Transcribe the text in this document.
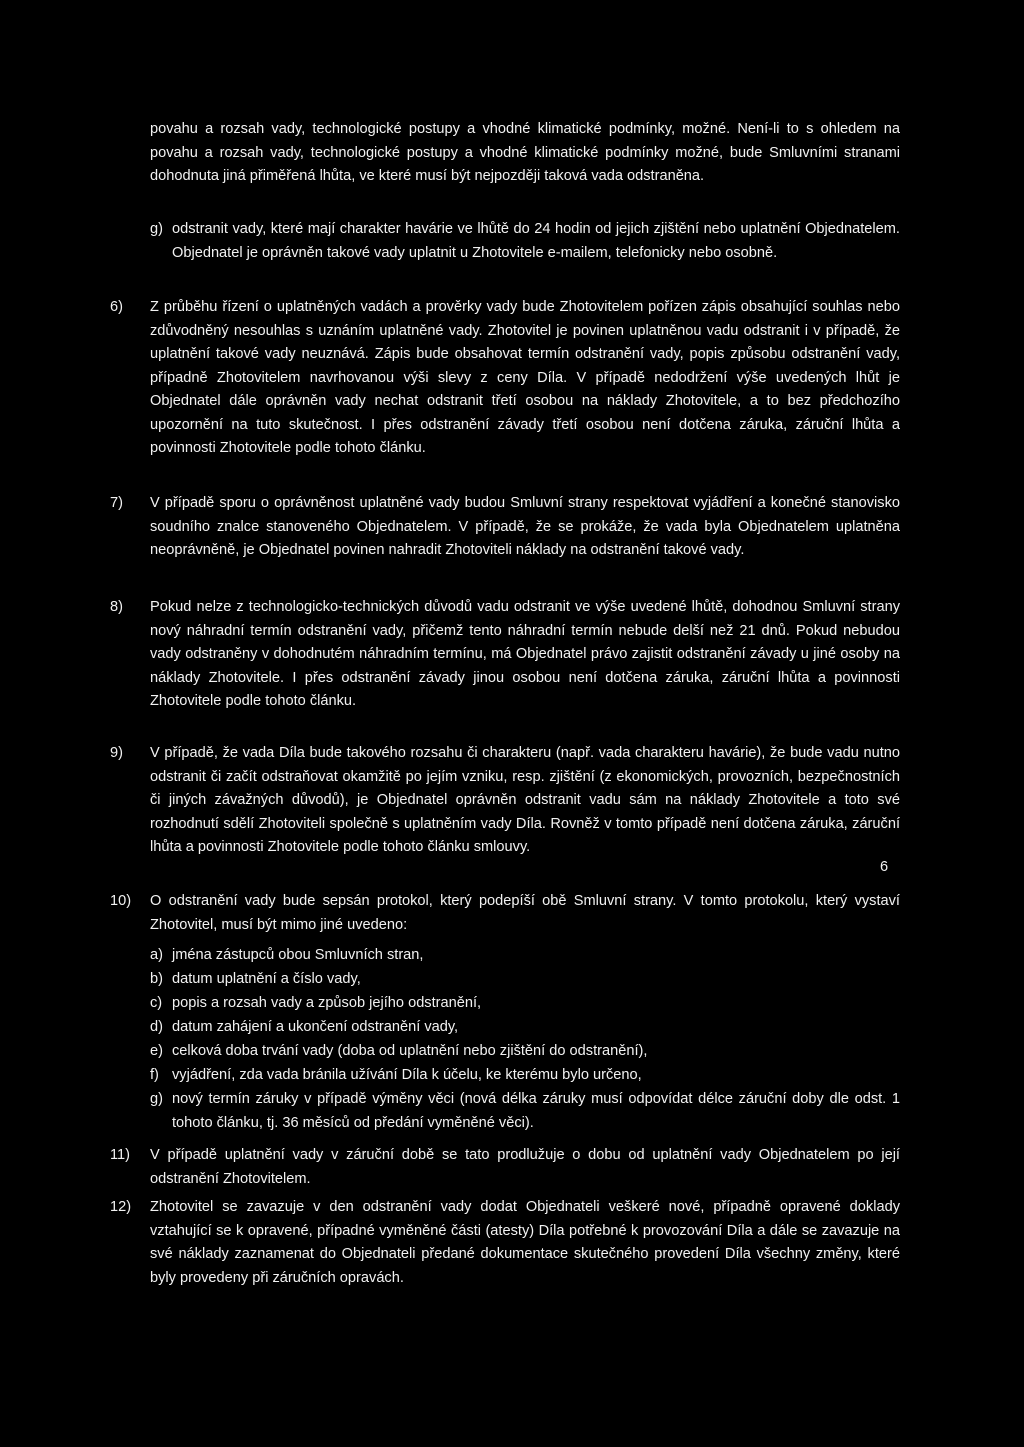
povahu a rozsah vady, technologické postupy a vhodné klimatické podmínky, možné. Není-li to s ohledem na povahu a rozsah vady, technologické postupy a vhodné klimatické podmínky možné, bude Smluvními stranami dohodnuta jiná přiměřená lhůta, ve které musí být nejpozději taková vada odstraněna.

g) odstranit vady, které mají charakter havárie ve lhůtě do 24 hodin od jejich zjištění nebo uplatnění Objednatelem. Objednatel je oprávněn takové vady uplatnit u Zhotovitele e-mailem, telefonicky nebo osobně.
6)	Z průběhu řízení o uplatněných vadách a prověrky vady bude Zhotovitelem pořízen zápis obsahující souhlas nebo zdůvodněný nesouhlas s uznáním uplatněné vady. Zhotovitel je povinen uplatněnou vadu odstranit i v případě, že uplatnění takové vady neuznává. Zápis bude obsahovat termín odstranění vady, popis způsobu odstranění vady, případně Zhotovitelem navrhovanou výši slevy z ceny Díla. V případě nedodržení výše uvedených lhůt je Objednatel dále oprávněn vady nechat odstranit třetí osobou na náklady Zhotovitele, a to bez předchozího upozornění na tuto skutečnost. I přes odstranění závady třetí osobou není dotčena záruka, záruční lhůta a povinnosti Zhotovitele podle tohoto článku.
7)	V případě sporu o oprávněnost uplatněné vady budou Smluvní strany respektovat vyjádření a konečné stanovisko soudního znalce stanoveného Objednatelem. V případě, že se prokáže, že vada byla Objednatelem uplatněna neoprávněně, je Objednatel povinen nahradit Zhotoviteli náklady na odstranění takové vady.
8)	Pokud nelze z technologicko-technických důvodů vadu odstranit ve výše uvedené lhůtě, dohodnou Smluvní strany nový náhradní termín odstranění vady, přičemž tento náhradní termín nebude delší než 21 dnů. Pokud nebudou vady odstraněny v dohodnutém náhradním termínu, má Objednatel právo zajistit odstranění závady u jiné osoby na náklady Zhotovitele. I přes odstranění závady jinou osobou není dotčena záruka, záruční lhůta a povinnosti Zhotovitele podle tohoto článku.
9)	V případě, že vada Díla bude takového rozsahu či charakteru (např. vada charakteru havárie), že bude vadu nutno odstranit či začít odstraňovat okamžitě po jejím vzniku, resp. zjištění (z ekonomických, provozních, bezpečnostních či jiných závažných důvodů), je Objednatel oprávněn odstranit vadu sám na náklady Zhotovitele a toto své rozhodnutí sdělí Zhotoviteli společně s uplatněním vady Díla. Rovněž v tomto případě není dotčena záruka, záruční lhůta a povinnosti Zhotovitele podle tohoto článku smlouvy.
10)	O odstranění vady bude sepsán protokol, který podepíší obě Smluvní strany. V tomto protokolu, který vystaví Zhotovitel, musí být mimo jiné uvedeno:
a) jména zástupců obou Smluvních stran,
b) datum uplatnění a číslo vady,
c) popis a rozsah vady a způsob jejího odstranění,
d) datum zahájení a ukončení odstranění vady,
e) celková doba trvání vady (doba od uplatnění nebo zjištění do odstranění),
f) vyjádření, zda vada bránila užívání Díla k účelu, ke kterému bylo určeno,
g) nový termín záruky v případě výměny věci (nová délka záruky musí odpovídat délce záruční doby dle odst. 1 tohoto článku, tj. 36 měsíců od předání vyměněné věci).
11)	V případě uplatnění vady v záruční době se tato prodlužuje o dobu od uplatnění vady Objednatelem po její odstranění Zhotovitelem.
12)	Zhotovitel se zavazuje v den odstranění vady dodat Objednateli veškeré nové, případně opravené doklady vztahující se k opravené, případné vyměněné části (atesty) Díla potřebné k provozování Díla a dále se zavazuje na své náklady zaznamenat do Objednateli předané dokumentace skutečného provedení Díla všechny změny, které byly provedeny při záručních opravách.
6
